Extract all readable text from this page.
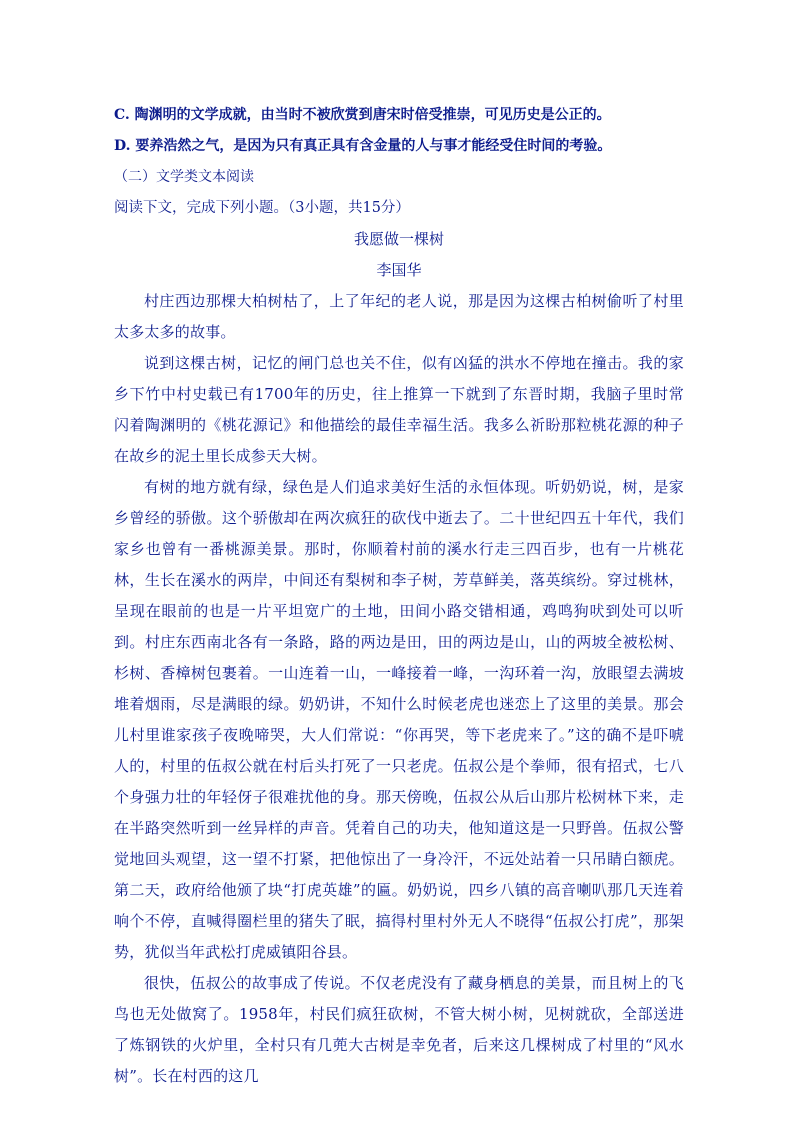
C. 陶渊明的文学成就，由当时不被欣赏到唐宋时倍受推崇，可见历史是公正的。

D. 要养浩然之气，是因为只有真正具有含金量的人与事才能经受住时间的考验。

（二）文学类文本阅读

阅读下文，完成下列小题。（3小题，共15分）

我愿做一棵树

李国华

村庄西边那棵大柏树枯了，上了年纪的老人说，那是因为这棵古柏树偷听了村里太多太多的故事。

说到这棵古树，记忆的闸门总也关不住，似有凶猛的洪水不停地在撞击。我的家乡下竹中村史载已有1700年的历史，往上推算一下就到了东晋时期，我脑子里时常闪着陶渊明的《桃花源记》和他描绘的最佳幸福生活。我多么祈盼那粒桃花源的种子在故乡的泥土里长成参天大树。

有树的地方就有绿，绿色是人们追求美好生活的永恒体现。听奶奶说，树，是家乡曾经的骄傲。这个骄傲却在两次疯狂的砍伐中逝去了。二十世纪四五十年代，我们家乡也曾有一番桃源美景。那时，你顺着村前的溪水行走三四百步，也有一片桃花林，生长在溪水的两岸，中间还有梨树和李子树，芳草鲜美，落英缤纷。穿过桃林，呈现在眼前的也是一片平坦宽广的土地，田间小路交错相通，鸡鸣狗吠到处可以听到。村庄东西南北各有一条路，路的两边是田，田的两边是山，山的两坡全被松树、杉树、香樟树包裹着。一山连着一山，一峰接着一峰，一沟环着一沟，放眼望去满坡堆着烟雨，尽是满眼的绿。奶奶讲，不知什么时候老虎也迷恋上了这里的美景。那会儿村里谁家孩子夜晚啼哭，大人们常说：“你再哭，等下老虎来了。”这的确不是吓唬人的，村里的伍叔公就在村后头打死了一只老虎。伍叔公是个拳师，很有招式，七八个身强力壮的年轻伢子很难扰他的身。那天傍晚，伍叔公从后山那片松树林下来，走在半路突然听到一丝异样的声音。凭着自己的功夫，他知道这是一只野兽。伍叔公警觉地回头观望，这一望不打紧，把他惊出了一身冷汗，不远处站着一只吊睛白额虎。第二天，政府给他颁了块“打虎英雄”的匾。奶奶说，四乡八镇的高音喇叭那几天连着响个不停，直喊得圈栏里的猪失了眠，搞得村里村外无人不晓得“伍叔公打虎”，那架势，犹似当年武松打虎威镇阳谷县。

很快，伍叔公的故事成了传说。不仅老虎没有了藏身栖息的美景，而且树上的飞鸟也无处做窝了。1958年，村民们疯狂砍树，不管大树小树，见树就砍，全部送进了炼钢铁的火炉里，全村只有几蔸大古树是幸免者，后来这几棵树成了村里的“风水树”。长在村西的这几
